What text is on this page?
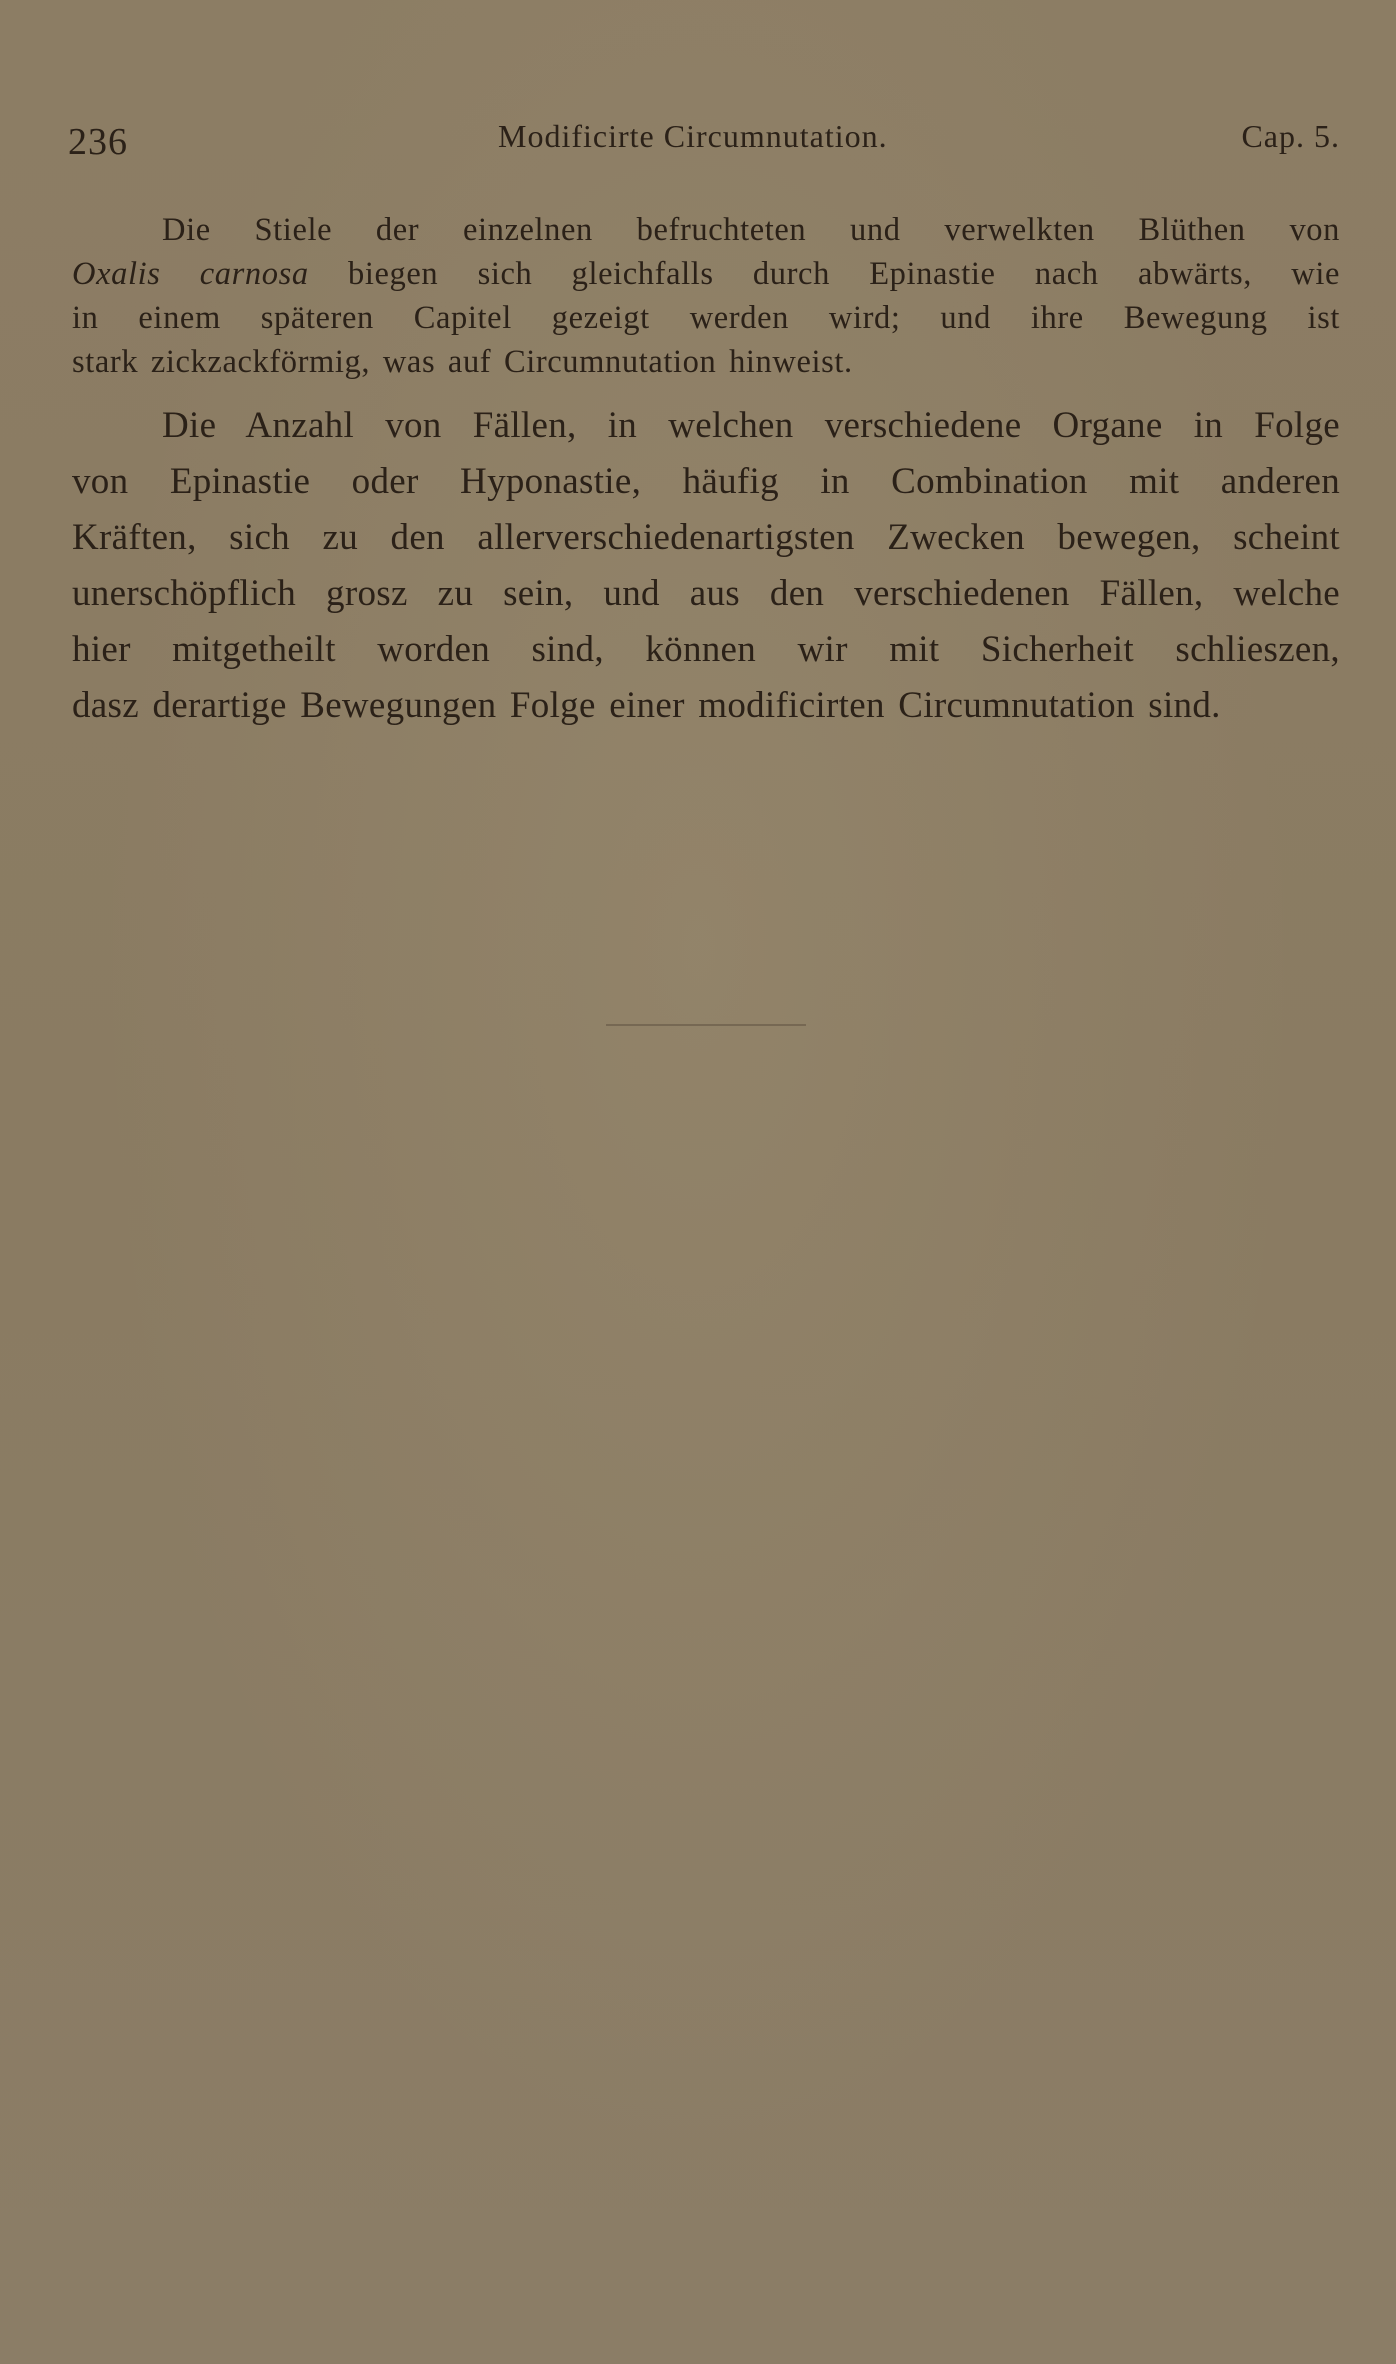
236	Modificirte Circumnutation.	Cap. 5.
Die Stiele der einzelnen befruchteten und verwelkten Blüthen von
Oxalis carnosa biegen sich gleichfalls durch Epinastie nach abwärts, wie
in einem späteren Capitel gezeigt werden wird; und ihre Bewegung ist
stark zickzackförmig, was auf Circumnutation hinweist.
Die Anzahl von Fällen, in welchen verschiedene Organe in Folge
von Epinastie oder Hyponastie, häufig in Combination mit anderen
Kräften, sich zu den allerverschiedenartigsten Zwecken bewegen, scheint
unerschöpflich grosz zu sein, und aus den verschiedenen Fällen, welche
hier mitgetheilt worden sind, können wir mit Sicherheit schlieszen,
dasz derartige Bewegungen Folge einer modificirten Circumnutation sind.
